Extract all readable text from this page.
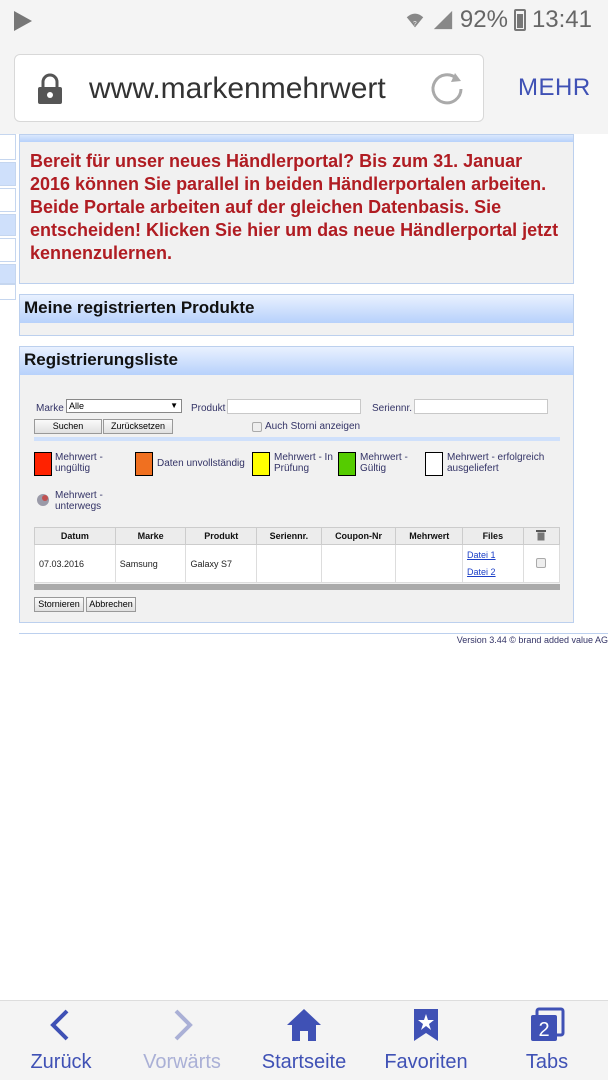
? 92% 13:41
www.markenmehrwert	MEHR
Bereit für unser neues Händlerportal? Bis zum 31. Januar 2016 können Sie parallel in beiden Händlerportalen arbeiten. Beide Portale arbeiten auf der gleichen Datenbasis. Sie entscheiden! Klicken Sie hier um das neue Händlerportal jetzt kennenzulernen.
Meine registrierten Produkte
Registrierungsliste
Marke Alle ▼	Produkt	Seriennr.
Suchen	Zurücksetzen	Auch Storni anzeigen
Mehrwert - ungültig	Daten unvollständig
Mehrwert - In Prüfung
Mehrwert - Gültig
Mehrwert - erfolgreich ausgeliefert
Mehrwert - unterwegs
Datum	Marke	Produkt	Seriennr.	Coupon-Nr	Mehrwert	Files	
07.03.2016	Samsung	Galaxy S7				Datei 1
Datei 2	

Stornieren	Abbrechen
Version 3.44 © brand added value AG
Zurück	Vorwärts	Startseite	Favoriten
2
Tabs
